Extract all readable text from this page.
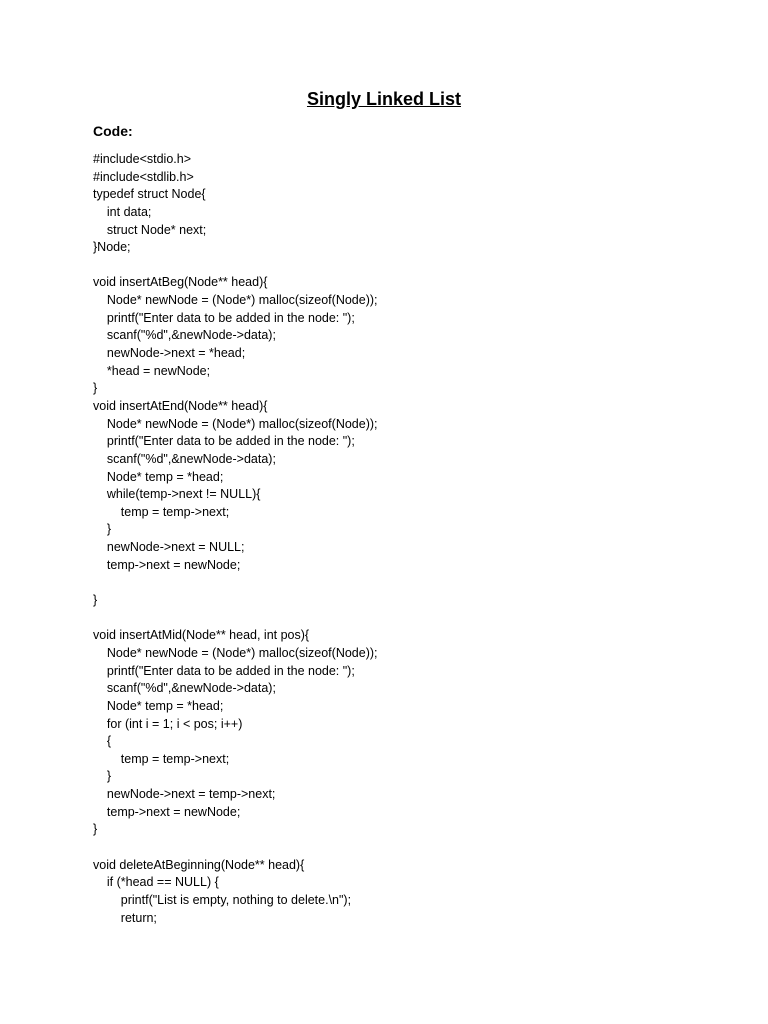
Singly Linked List
Code:
#include<stdio.h>
#include<stdlib.h>
typedef struct Node{
int data;
struct Node* next;
}Node;
void insertAtBeg(Node** head){
Node* newNode = (Node*) malloc(sizeof(Node));
printf("Enter data to be added in the node: ");
scanf("%d",&newNode->data);
newNode->next = *head;
*head = newNode;
}
void insertAtEnd(Node** head){
Node* newNode = (Node*) malloc(sizeof(Node));
printf("Enter data to be added in the node: ");
scanf("%d",&newNode->data);
Node* temp = *head;
while(temp->next != NULL){
temp = temp->next;
}
newNode->next = NULL;
temp->next = newNode;
}
void insertAtMid(Node** head, int pos){
Node* newNode = (Node*) malloc(sizeof(Node));
printf("Enter data to be added in the node: ");
scanf("%d",&newNode->data);
Node* temp = *head;
for (int i = 1; i < pos; i++)
{
temp = temp->next;
}
newNode->next = temp->next;
temp->next = newNode;
}
void deleteAtBeginning(Node** head){
if (*head == NULL) {
printf("List is empty, nothing to delete.\n");
return;
